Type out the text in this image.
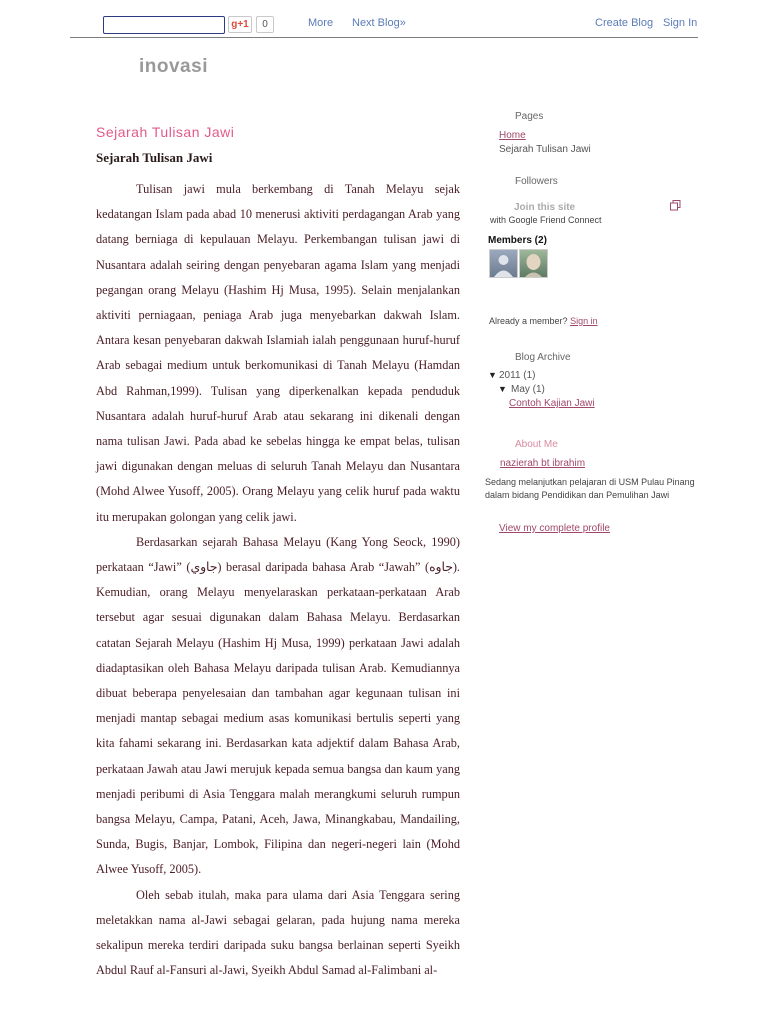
g+1	0	More Next Blog»	Create Blog Sign In
inovasi
Sejarah Tulisan Jawi
Sejarah Tulisan Jawi

Tulisan jawi mula berkembang di Tanah Melayu sejak kedatangan Islam pada abad 10 menerusi aktiviti perdagangan Arab yang datang berniaga di kepulauan Melayu. Perkembangan tulisan jawi di Nusantara adalah seiring dengan penyebaran agama Islam yang menjadi pegangan orang Melayu (Hashim Hj Musa, 1995). Selain menjalankan aktiviti perniagaan, peniaga Arab juga menyebarkan dakwah Islam. Antara kesan penyebaran dakwah Islamiah ialah penggunaan huruf-huruf Arab sebagai medium untuk berkomunikasi di Tanah Melayu (Hamdan Abd Rahman,1999). Tulisan yang diperkenalkan kepada penduduk Nusantara adalah huruf-huruf Arab atau sekarang ini dikenali dengan nama tulisan Jawi. Pada abad ke sebelas hingga ke empat belas, tulisan jawi digunakan dengan meluas di seluruh Tanah Melayu dan Nusantara (Mohd Alwee Yusoff, 2005). Orang Melayu yang celik huruf pada waktu itu merupakan golongan yang celik jawi.

Berdasarkan sejarah Bahasa Melayu (Kang Yong Seock, 1990) perkataan “Jawi” (جاوي) berasal daripada bahasa Arab “Jawah” (جاوه). Kemudian, orang Melayu menyelaraskan perkataan-perkataan Arab tersebut agar sesuai digunakan dalam Bahasa Melayu. Berdasarkan catatan Sejarah Melayu (Hashim Hj Musa, 1999) perkataan Jawi adalah diadaptasikan oleh Bahasa Melayu daripada tulisan Arab. Kemudiannya dibuat beberapa penyelesaian dan tambahan agar kegunaan tulisan ini menjadi mantap sebagai medium asas komunikasi bertulis seperti yang kita fahami sekarang ini. Berdasarkan kata adjektif dalam Bahasa Arab, perkataan Jawah atau Jawi merujuk kepada semua bangsa dan kaum yang menjadi peribumi di Asia Tenggara malah merangkumi seluruh rumpun bangsa Melayu, Campa, Patani, Aceh, Jawa, Minangkabau, Mandailing, Sunda, Bugis, Banjar, Lombok, Filipina dan negeri-negeri lain (Mohd Alwee Yusoff, 2005).

Oleh sebab itulah, maka para ulama dari Asia Tenggara sering meletakkan nama al-Jawi sebagai gelaran, pada hujung nama mereka sekalipun mereka terdiri daripada suku bangsa berlainan seperti Syeikh Abdul Rauf al-Fansuri al-Jawi, Syeikh Abdul Samad al-Falimbani al-

Pages
Home
Sejarah Tulisan Jawi
Followers
Join this site
with Google Friend Connect
Members (2)
Already a member? Sign in
Blog Archive
▼ 2011 (1)
▼ May (1)
Contoh Kajian Jawi
About Me
nazierah bt ibrahim
Sedang melanjutkan pelajaran di USM Pulau Pinang dalam bidang Pendidikan dan Pemulihan Jawi
View my complete profile
